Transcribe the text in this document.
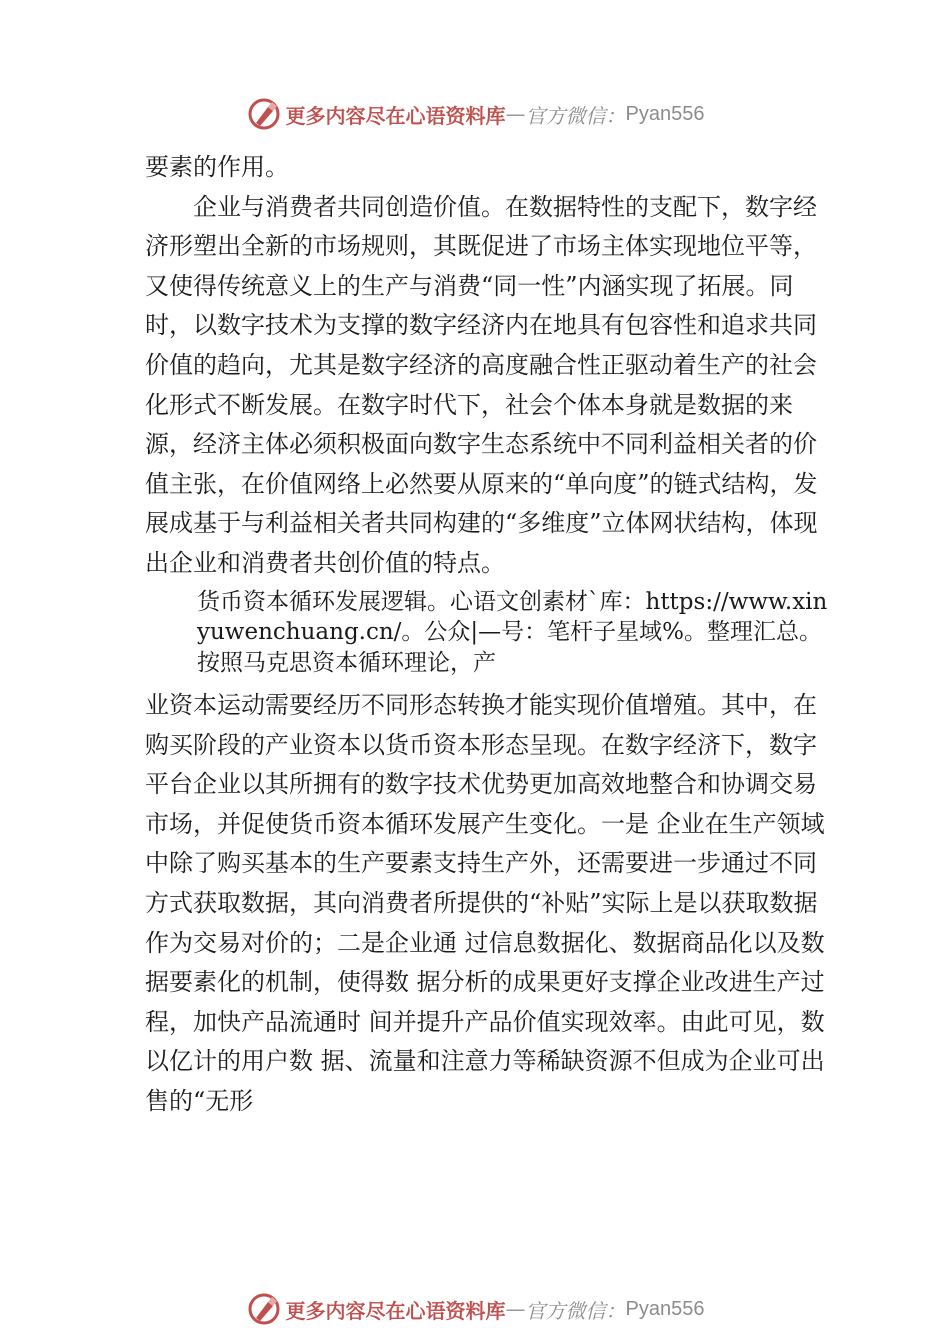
更多内容尽在心语资料库 — 官方微信： Pyan556

要素的作用。

企业与消费者共同创造价值。在数据特性的支配下，数字经济形塑出全新的市场规则，其既促进了市场主体实现地位平等，又使得传统意义上的生产与消费“同一性”内涵实现了拓展。同时，以数字技术为支撑的数字经济内在地具有包容性和追求共同价值的趋向，尤其是数字经济的高度融合性正驱动着生产的社会化形式不断发展。在数字时代下，社会个体本身就是数据的来源，经济主体必须积极面向数字生态系统中不同利益相关者的价值主张，在价值网络上必然要从原来的“单向度”的链式结构，发展成基于与利益相关者共同构建的“多维度”立体网状结构，体现出企业和消费者共创价值的特点。

货币资本循环发展逻辑。心语文创素材`库：https://www.xinyuwenchuang.cn/。公众|—号：笔杆子星域%。整理汇总。按照马克思资本循环理论，产

业资本运动需要经历不同形态转换才能实现价值增殖。其中，在购买阶段的产业资本以货币资本形态呈现。在数字经济下，数字平台企业以其所拥有的数字技术优势更加高效地整合和协调交易市场，并促使货币资本循环发展产生变化。一是 企业在生产领域中除了购买基本的生产要素支持生产外，还需要进一步通过不同方式获取数据，其向消费者所提供的“补贴”实际上是以获取数据作为交易对价的；二是企业通 过信息数据化、数据商品化以及数据要素化的机制，使得数 据分析的成果更好支撑企业改进生产过程，加快产品流通时 间并提升产品价值实现效率。由此可见，数以亿计的用户数 据、流量和注意力等稀缺资源不但成为企业可出售的“无形

更多内容尽在心语资料库 — 官方微信： Pyan556
